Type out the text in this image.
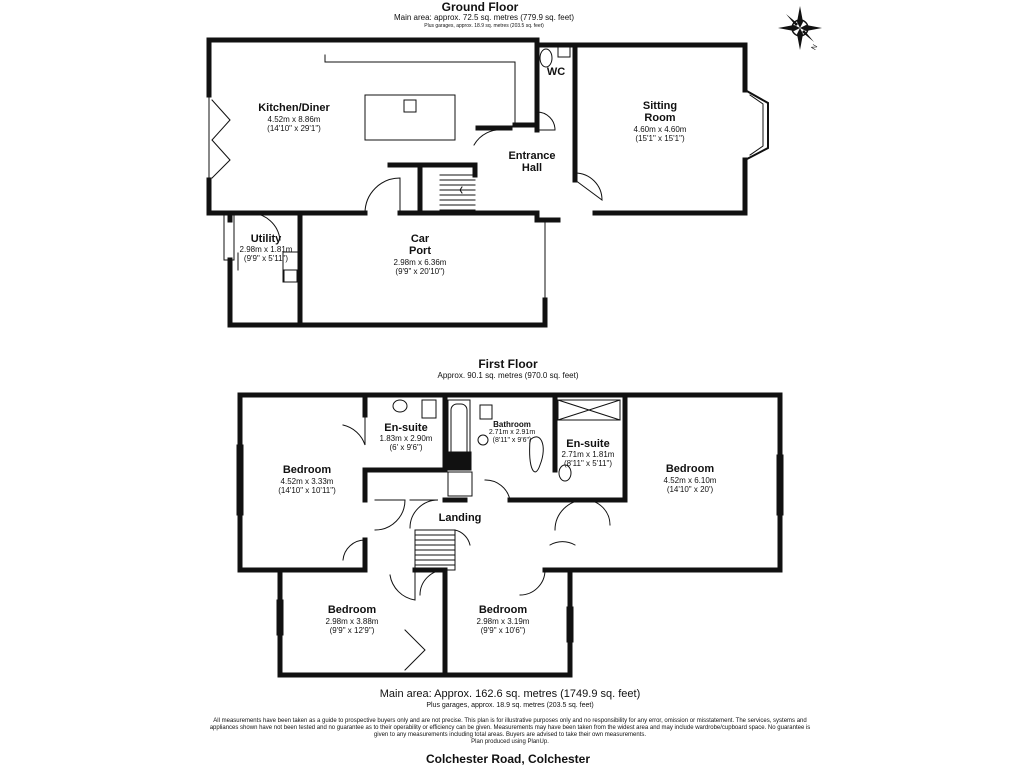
Ground Floor
Main area: approx. 72.5 sq. metres (779.9 sq. feet)
Plus garages, approx. 18.9 sq. metres (203.5 sq. feet)
Kitchen/Diner
4.52m x 8.86m
(14'10" x 29'1")
WC
Sitting
Room
4.60m x 4.60m
(15'1" x 15'1")
Entrance
Hall
Utility
2.98m x 1.81m
(9'9" x 5'11")
Car
Port
2.98m x 6.36m
(9'9" x 20'10")
First Floor
Approx. 90.1 sq. metres (970.0 sq. feet)
En-suite
1.83m x 2.90m
(6' x 9'6")
Bathroom
2.71m x 2.91m
(8'11" x 9'6")	En-suite
2.71m x 1.81m
(8'11" x 5'11")
Bedroom
4.52m x 3.33m
(14'10" x 10'11")
Bedroom
4.52m x 6.10m
(14'10" x 20')
Landing
Bedroom
2.98m x 3.88m
(9'9" x 12'9")
Bedroom
2.98m x 3.19m
(9'9" x 10'6")
Main area: Approx. 162.6 sq. metres (1749.9 sq. feet)
Plus garages, approx. 18.9 sq. metres (203.5 sq. feet)
All measurements have been taken as a guide to prospective buyers only and are not precise. This plan is for illustrative purposes only and no responsibility for any error, omission or misstatement. The services, systems and
appliances shown have not been tested and no guarantee as to their operability or efficiency can be given. Measurements may have been taken from the widest area and may include wardrobe/cupboard space. No guarantee is
given to any measurements including total areas. Buyers are advised to take their own measurements.
Plan produced using PlanUp.
Colchester Road, Colchester
N
